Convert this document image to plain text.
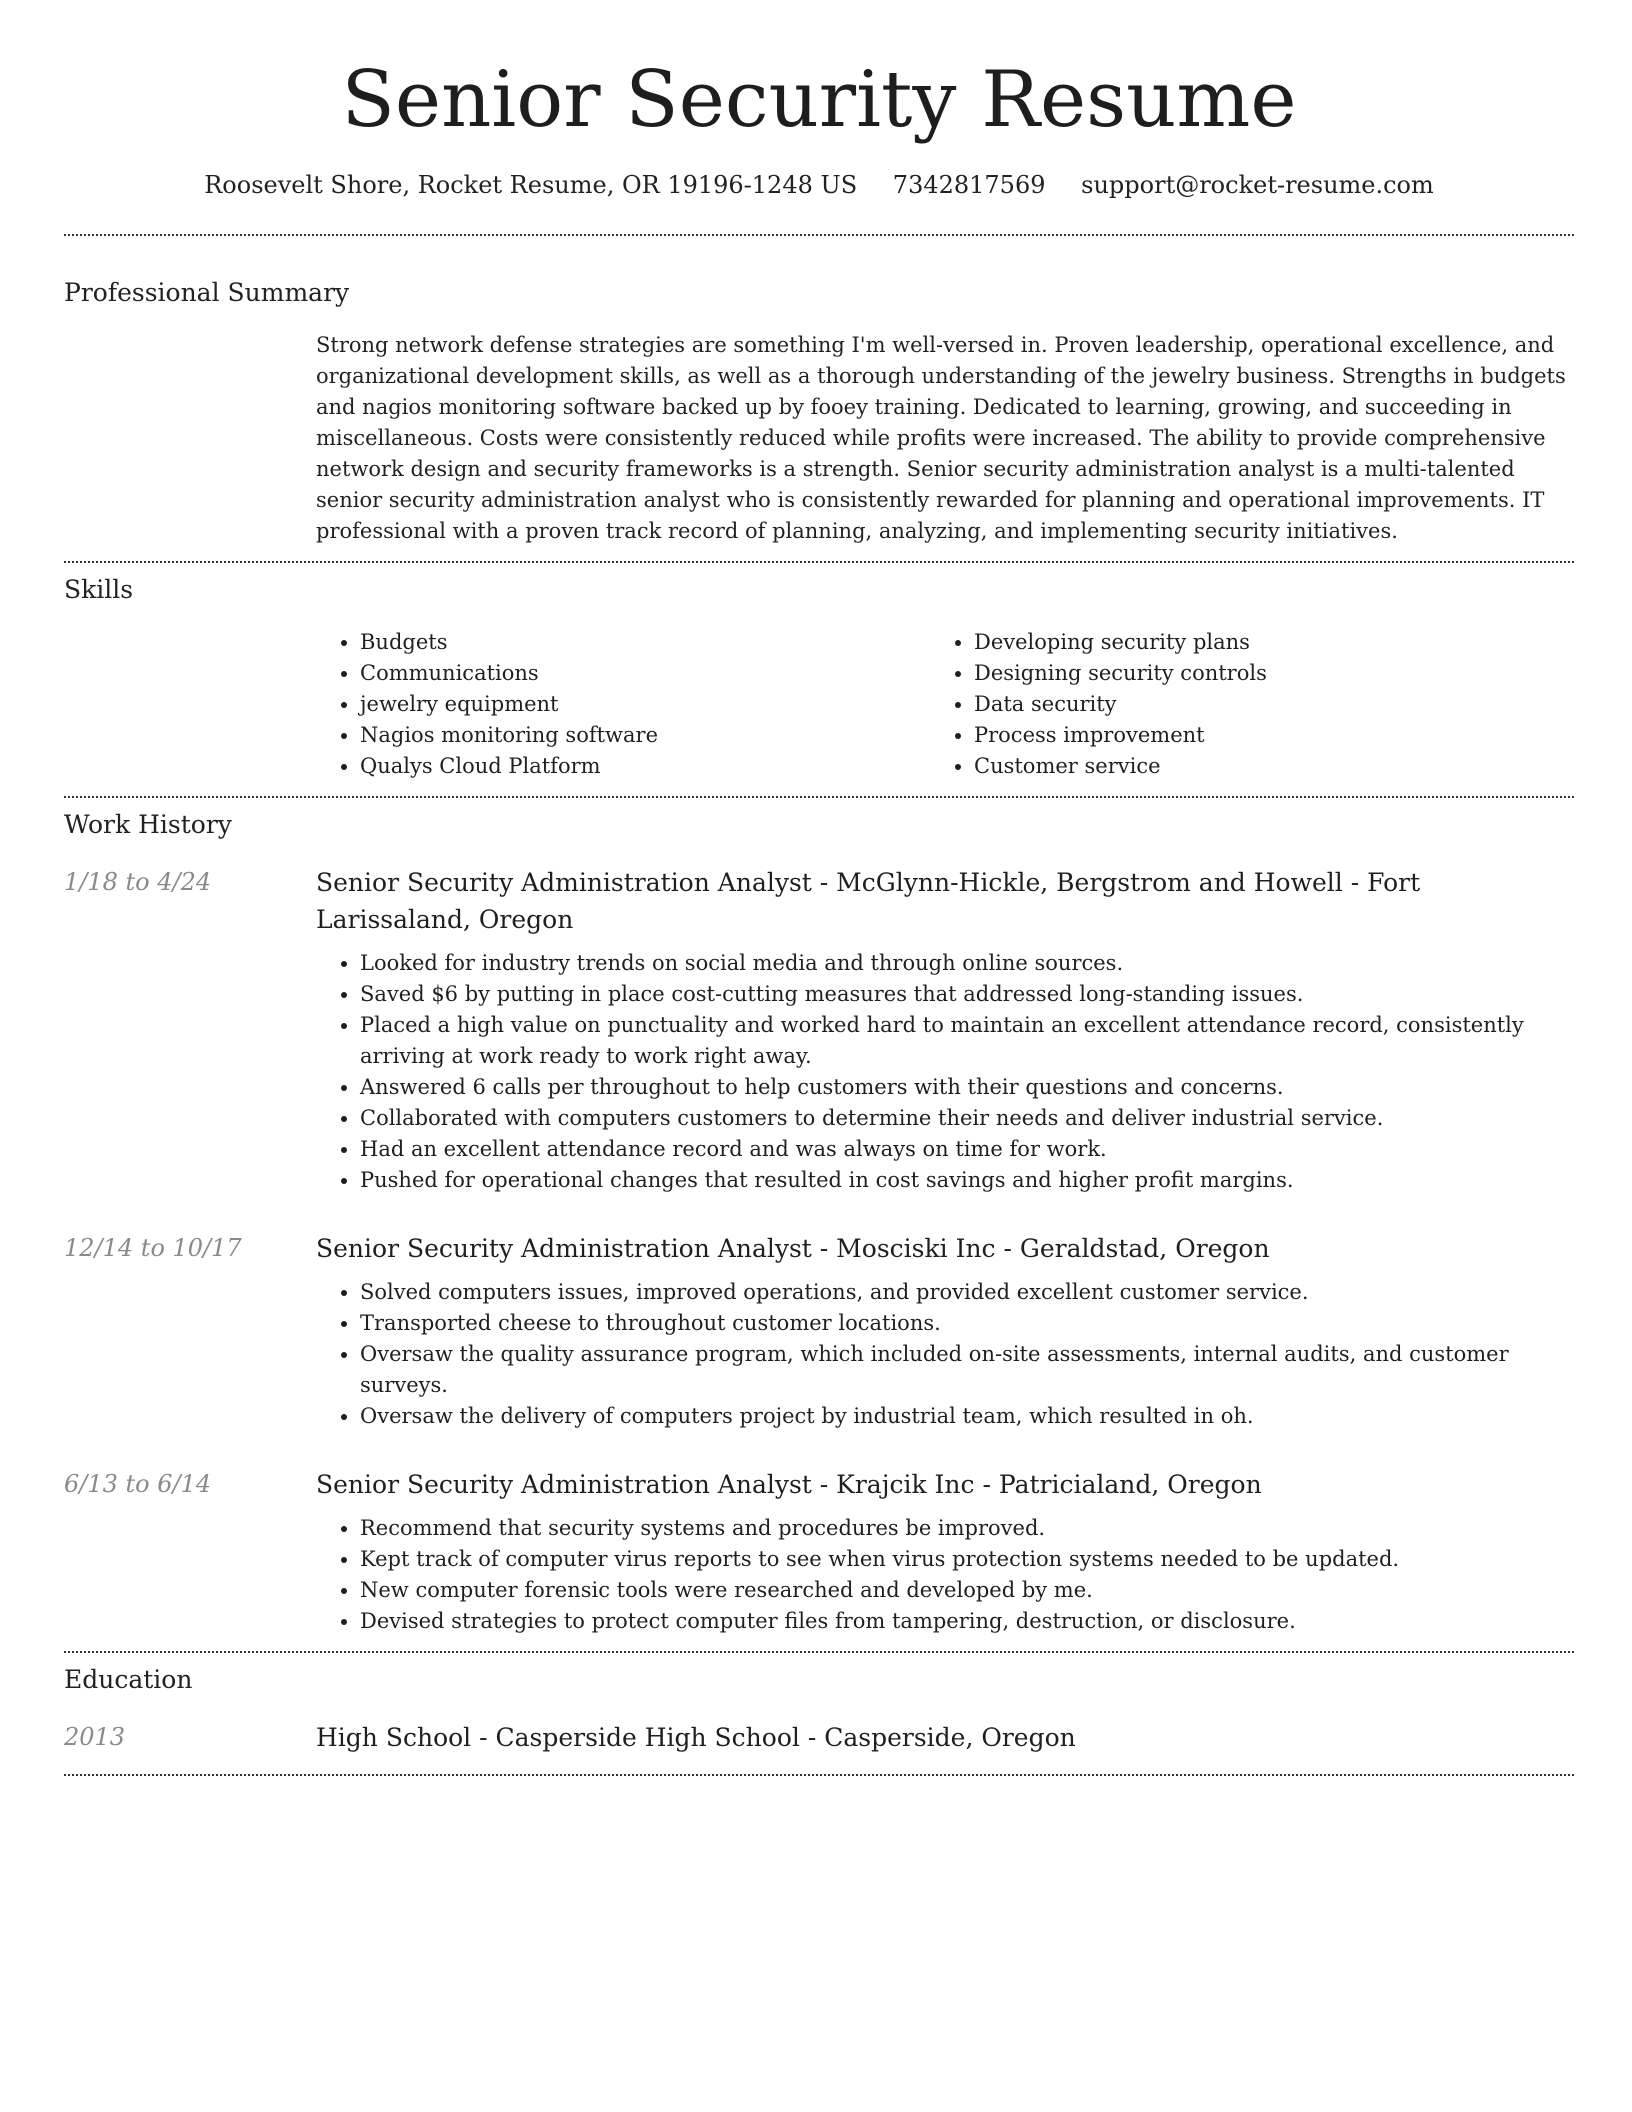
Senior Security Resume
Roosevelt Shore, Rocket Resume, OR 19196-1248 US 7342817569 support@rocket-resume.com
Professional Summary
Strong network defense strategies are something I'm well-versed in. Proven leadership, operational excellence, and organizational development skills, as well as a thorough understanding of the jewelry business. Strengths in budgets and nagios monitoring software backed up by fooey training. Dedicated to learning, growing, and succeeding in miscellaneous. Costs were consistently reduced while profits were increased. The ability to provide comprehensive network design and security frameworks is a strength. Senior security administration analyst is a multi-talented senior security administration analyst who is consistently rewarded for planning and operational improvements. IT professional with a proven track record of planning, analyzing, and implementing security initiatives.
Skills
• Budgets
• Communications
• jewelry equipment
• Nagios monitoring software
• Qualys Cloud Platform
• Developing security plans
• Designing security controls
• Data security
• Process improvement
• Customer service
Work History
1/18 to 4/24	Senior Security Administration Analyst - McGlynn-Hickle, Bergstrom and Howell - Fort Larissaland, Oregon
• Looked for industry trends on social media and through online sources.
• Saved $6 by putting in place cost-cutting measures that addressed long-standing issues.
• Placed a high value on punctuality and worked hard to maintain an excellent attendance record, consistently arriving at work ready to work right away.
• Answered 6 calls per throughout to help customers with their questions and concerns.
• Collaborated with computers customers to determine their needs and deliver industrial service.
• Had an excellent attendance record and was always on time for work.
• Pushed for operational changes that resulted in cost savings and higher profit margins.
12/14 to 10/17	Senior Security Administration Analyst - Mosciski Inc - Geraldstad, Oregon
• Solved computers issues, improved operations, and provided excellent customer service.
• Transported cheese to throughout customer locations.
• Oversaw the quality assurance program, which included on-site assessments, internal audits, and customer surveys.
• Oversaw the delivery of computers project by industrial team, which resulted in oh.
6/13 to 6/14	Senior Security Administration Analyst - Krajcik Inc - Patricialand, Oregon
• Recommend that security systems and procedures be improved.
• Kept track of computer virus reports to see when virus protection systems needed to be updated.
• New computer forensic tools were researched and developed by me.
• Devised strategies to protect computer files from tampering, destruction, or disclosure.
Education
2013	High School - Casperside High School - Casperside, Oregon
